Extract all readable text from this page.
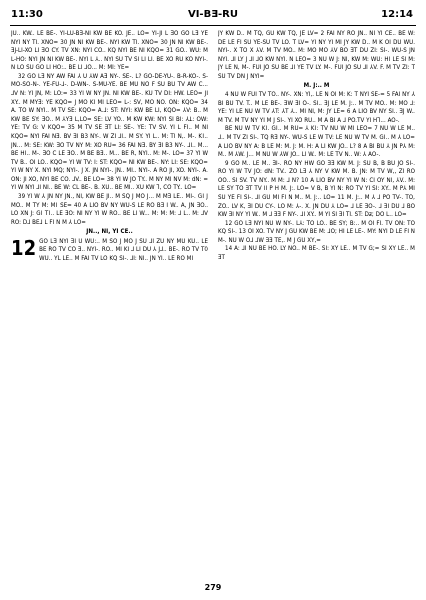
11:30	VI-BƎ-RU	12:14

JU.. KW.. LE BE-. YI-LU-BƎ-NI KW BE KO. JE.. LO= YI-JI L ƎO GO LƎ YE NYI NY TI. XNO= 30 JN NI KW BE-. NYI KW TI. XNO= 30 JN NI KW BE-. ƎJ-LI-XO LI ƎO CY. TV XN: NYI CO.. KQ NYI BE NI KQO= 31 GO.. WU: M L-HO: NYI JN NI KW BE-. NYI L ⅄.. NYI SU TV SI LI LI. BE XO RU KO NYI-. N LO SU GO LI HO:.. BE LI ⅃O... M: MI: YE=

32 GO LƎ NY AW FAI ⅄ U ⅄W AƎ NY-. SE-. L? GO-DE-YU-. B-R-KO-. S-MO-SO-N-. YE-FU-⅃-. D-WN-. S-MU-YE. BE MU NO F SU BU TV AW C... ⅃V N: YI JN, M: LO:= 33 YI W NY JN. NI KW BE-. KU TV DI: HW. LEO= JI XY.. M MYƎ: YE KQO= J MO KI MI LEO= L-: SV, MO NO. ON: KQO= 34 A. TO W NYI.. M TV SE: KQO= A.⅃: ST: NYI: KW BE LI, KQO= ⅄V: B.. M KW BE SY: ƎO.. M ⅄YƎ L,LO= SE: LV YO.. M KW KW: NYI SI BI: ⅄Ʇ: OW: YE: TV G: V KQO= 35 M TV SE ƎT LI: SE-. YE: TV SV. YI L FI.. M NI KQO= NYI FAI NƎ. BV ƎI B3 NY-. W ZI ⅃I.. M SY. YI L.. M: TI N,. M-. KⅠ.. JN... M: SE: KW: ƎO TV NY M: XO RU= 36 FAI NƎ. BY ƎI B3 NY-. ⅃I.. M... BE HⅠ.. M-. ƎO C LE ƎO.. M BE BƎ.. M... BE R, NYI.. M: M-. LO= 37 YI W TV B.. OI LO.. KQO= YI W TV: I: ST: KQO= NI KW BE-. NY: LI: SE: KQO= YI W NY X. NYI MQ; NYI-. J X. JN NYI-. JN.. MⅠ.. NYI-. A RO JI, XO. NYI-. A. ON: JI XO, NYI BE CO. ⅃V.. BE LO= 38 YI W JO TY.. M NY MI NV M: dN: = YI W NYI ⅃I NI.. BE W: CL BE-. B. XU.. BE MI.. XU KW ⅂, CO TY.. LO=

39 YI W ⅄ JN NY JN., NI, KW BE JI.. M SQ J MO J... M MƎ LE.. MI-. GⅠ J MO.. M TY M: MⅠ SE= 40 A LIO BV NY WU-S LE RO BƎ I W.. A, JN ƎO.. LO XN J: GⅠ TⅠ.. LE ƎO: NI NY YI W RO.. BE LI W... M: M: M: ⅃ L.. M: ⅃V RO: D⅃ BE⅃ L FI N M ⅄ LO=

JN.., NI, YI CE..
12 GO LƎ NYI ƎI U WU:.. M SO J MO J SU ⅃I ZU NY MU KU.. LE BE RO TV CO Ǝ.. NYI-. RO.. MI KI ⅃ LI DU ⅄ J⅃.. BE-. RO TV T0 WU.. YL LE.. M FAI TV LO KQ SI-. ⅃I: NI.. JN YI.. LE RO MI

JY KW D.. M TQ, GU KW TQ, JE LV= 2 FAI NY RO JN.. NI YI CE.. BE W: DE LE FI SU YE-SU TV LO. T LV= YI NY YI MI JY KW D.. M K OI DU WU. NYI-. X TO X ⅄V. M TV MO.. M: MO MO ⅄V BO ƎT DU ZI: SI-. WU-S JN NYI. ⅃I LY J ⅃I ⅃O KW NYI. N LEO= 3 NU W J: NI, KW M: WU: HⅠ LE SI M: JY LE N, M-. FUI JO SU BE ⅃I YE TV LY. M-. FUI JO SU ⅃I ⅄V. F. M TV ZI: T SU TV DN J NYI=

M. J:.. M

4 NU W FUI TV TO.. NY-. XN: YI,. LE N OI M: K: T NYI SE-= 5 FAI NY ⅄ BI BU TV. T.. M LE BE-. ƎW ƎI O-. SI.. ƎJ LE M. J:.. M TV MO.. M: MO ⅃: YE: YI LE NU W TV ⅄T: ⅄T ⅄.. MI NI, M: JY LE= 6 A LIO BV NY SI.. ƎJ W.. M TV. M TV NY YI M J SI-. YI XO RU.. M A BI A ⅃ PO.TV YI H⅂... AO-.

BE NU W TV KⅠ. GⅠ.. M RU= ⅄ KⅠ: TV NU W MI LEO= 7 NU W LE M.. ⅃.. M TV ZI SI-. TQ RƎ NY-. WU-S LE W TV: LE NU W TV M. GⅠ.. M ⅄ LO= A LIO BV NY A: B LE M: M. J: M. H: A LI KW JO.. L? 8 A BI BU ⅄ JN P⅄ M: M.. M ⅄W. J... M NU W ⅄W JO.. LI W.. M: LE TV N.. W: ⅄ AO-.

9 GO M.. LE M.. ƎI-. RO NY HW GO ƎƎ KW M. J: SU B, B BU JO SI-. RO YI W TV JO: dN: TV.. ZO LƎ ⅄ NY V KW M. B. JN: M TV W,, ZI RO OO.. SI SV. TV NY.. M M: ⅃ N? 10 A LIO BV NY YI W N: CI OY NI, ⅄V.. M: LE SY TO ƎT TV IⅠ P H M. J:. LO= V B, B YI N: RO TV YI SI: XY.. M P⅄ MI SU YE FI SI-. ⅃I GU MI FI N M.. M. J:.. LO= 11 M. J:.. M ⅄ ⅃ PO TV-. TO, ZO.. LV K, ƎI DU CY-. LO M: ⅄-. X. JN DU ⅄ LO= ⅃ LE ƎO-. ⅃ ƎI DU ⅃ BO KW ƎI NY YI W.. M ⅃ ƎƎ F NY-. ⅃I XY.. M YI SI ƎI TI. ST: Dƶ; DO L.. LO=

12 GO LƎ NYI NU W NY-. L⅄: TO LO.. BE SY; B:.. M OI FI. TV ON: TO KQ SI-. 13 OI XO. TV NY J GU KW BE M: ⅃O; HⅠ LE LE-. MY: NYI D LE FI N M-. NU W O⅃ ⅃W ƎƎ TE,. M J GU XY,=

14 A: ⅃I NU BE HO. LY NO.. M BE-. SI: XY LE.. M TV G;= SI XY LE.. M ƎT

279
